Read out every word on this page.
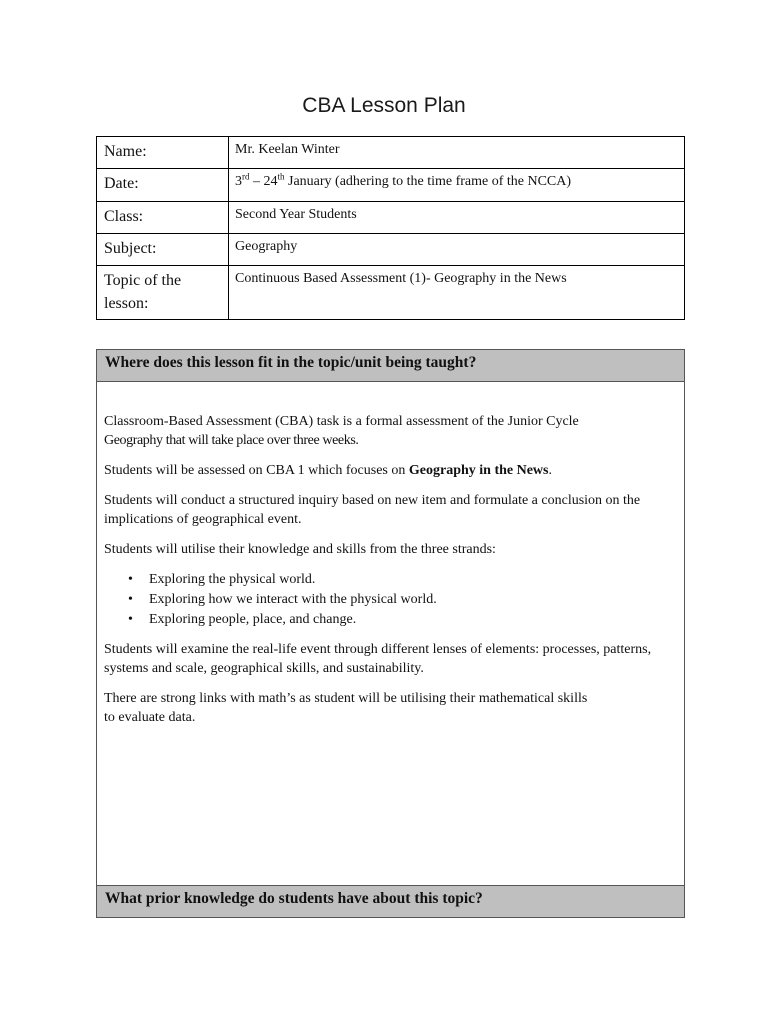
CBA Lesson Plan
Name:	Mr. Keelan Winter
Date:	3rd – 24th January (adhering to the time frame of the NCCA)
Class:	Second Year Students
Subject:	Geography
Topic of the lesson:	Continuous Based Assessment (1)- Geography in the News
Where does this lesson fit in the topic/unit being taught?

Classroom-Based Assessment (CBA) task is a formal assessment of the Junior Cycle
Geography that will take place over three weeks.

Students will be assessed on CBA 1 which focuses on Geography in the News.

Students will conduct a structured inquiry based on new item and formulate a conclusion on the implications of geographical event.

Students will utilise their knowledge and skills from the three strands:

• Exploring the physical world.
• Exploring how we interact with the physical world.
• Exploring people, place, and change.

Students will examine the real-life event through different lenses of elements: processes, patterns, systems and scale, geographical skills, and sustainability.

There are strong links with math’s as student will be utilising their mathematical skills
to evaluate data.

What prior knowledge do students have about this topic?
